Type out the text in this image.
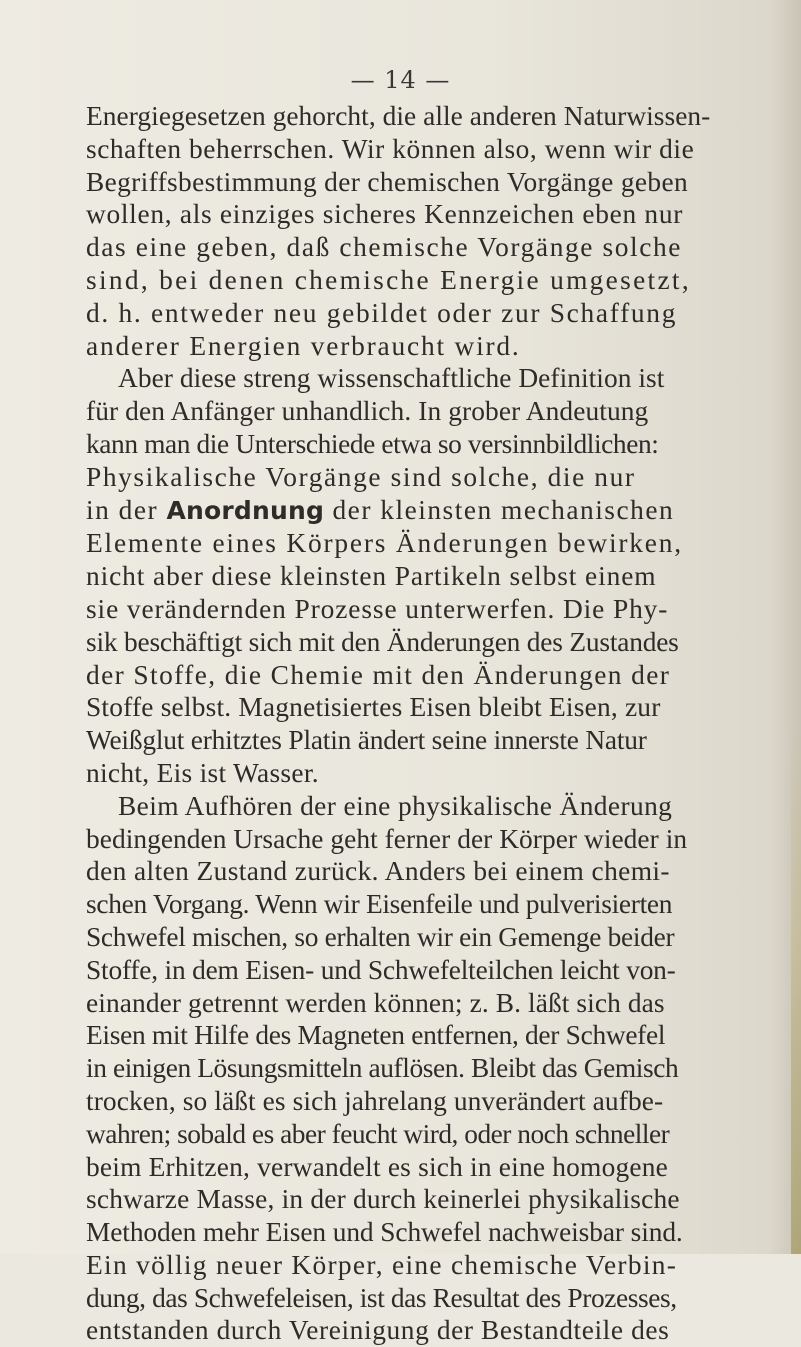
— 14 —
Energiegesetzen gehorcht, die alle anderen Naturwissen-
schaften beherrschen. Wir können also, wenn wir die
Begriffsbestimmung der chemischen Vorgänge geben
wollen, als einziges sicheres Kennzeichen eben nur
das eine geben, daß chemische Vorgänge solche
sind, bei denen chemische Energie umgesetzt,
d. h. entweder neu gebildet oder zur Schaffung
anderer Energien verbraucht wird.
Aber diese streng wissenschaftliche Definition ist
für den Anfänger unhandlich. In grober Andeutung
kann man die Unterschiede etwa so versinnbildlichen:
Physikalische Vorgänge sind solche, die nur
in der Anordnung der kleinsten mechanischen
Elemente eines Körpers Änderungen bewirken,
nicht aber diese kleinsten Partikeln selbst einem
sie verändernden Prozesse unterwerfen. Die Phy-
sik beschäftigt sich mit den Änderungen des Zustandes
der Stoffe, die Chemie mit den Änderungen der
Stoffe selbst. Magnetisiertes Eisen bleibt Eisen, zur
Weißglut erhitztes Platin ändert seine innerste Natur
nicht, Eis ist Wasser.
Beim Aufhören der eine physikalische Änderung
bedingenden Ursache geht ferner der Körper wieder in
den alten Zustand zurück. Anders bei einem chemi-
schen Vorgang. Wenn wir Eisenfeile und pulverisierten
Schwefel mischen, so erhalten wir ein Gemenge beider
Stoffe, in dem Eisen- und Schwefelteilchen leicht von-
einander getrennt werden können; z. B. läßt sich das
Eisen mit Hilfe des Magneten entfernen, der Schwefel
in einigen Lösungsmitteln auflösen. Bleibt das Gemisch
trocken, so läßt es sich jahrelang unverändert aufbe-
wahren; sobald es aber feucht wird, oder noch schneller
beim Erhitzen, verwandelt es sich in eine homogene
schwarze Masse, in der durch keinerlei physikalische
Methoden mehr Eisen und Schwefel nachweisbar sind.
Ein völlig neuer Körper, eine chemische Verbin-
dung, das Schwefeleisen, ist das Resultat des Prozesses,
entstanden durch Vereinigung der Bestandteile des
